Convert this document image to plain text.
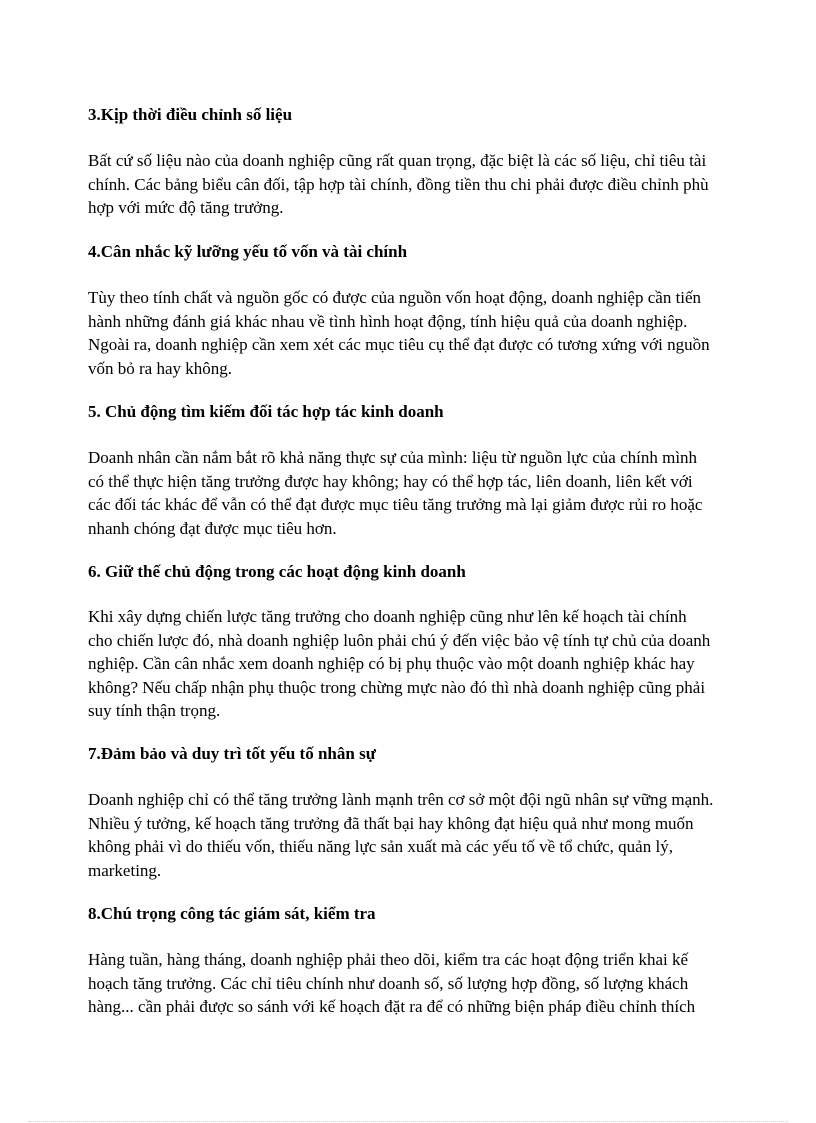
3.Kịp thời điều chỉnh số liệu

Bất cứ số liệu nào của doanh nghiệp cũng rất quan trọng, đặc biệt là các số liệu, chỉ tiêu tài
chính. Các bảng biểu cân đối, tập hợp tài chính, đồng tiền thu chi phải được điều chỉnh phù
hợp với mức độ tăng trưởng.

4.Cân nhắc kỹ lưỡng yếu tố vốn và tài chính

Tùy theo tính chất và nguồn gốc có được của nguồn vốn hoạt động, doanh nghiệp cần tiến
hành những đánh giá khác nhau về tình hình hoạt động, tính hiệu quả của doanh nghiệp.
Ngoài ra, doanh nghiệp cần xem xét các mục tiêu cụ thể đạt được có tương xứng với nguồn
vốn bỏ ra hay không.

5. Chủ động tìm kiếm đối tác hợp tác kinh doanh

Doanh nhân cần nắm bắt rõ khả năng thực sự của mình: liệu từ nguồn lực của chính mình
có thể thực hiện tăng trưởng được hay không; hay có thể hợp tác, liên doanh, liên kết với
các đối tác khác để vẫn có thể đạt được mục tiêu tăng trưởng mà lại giảm được rủi ro hoặc
nhanh chóng đạt được mục tiêu hơn.

6. Giữ thế chủ động trong các hoạt động kinh doanh

Khi xây dựng chiến lược tăng trưởng cho doanh nghiệp cũng như lên kế hoạch tài chính
cho chiến lược đó, nhà doanh nghiệp luôn phải chú ý đến việc bảo vệ tính tự chủ của doanh
nghiệp. Cần cân nhắc xem doanh nghiệp có bị phụ thuộc vào một doanh nghiệp khác hay
không? Nếu chấp nhận phụ thuộc trong chừng mực nào đó thì nhà doanh nghiệp cũng phải
suy tính thận trọng.

7.Đảm bảo và duy trì tốt yếu tố nhân sự

Doanh nghiệp chỉ có thể tăng trưởng lành mạnh trên cơ sở một đội ngũ nhân sự vững mạnh.
Nhiều ý tưởng, kế hoạch tăng trưởng đã thất bại hay không đạt hiệu quả như mong muốn
không phải vì do thiếu vốn, thiếu năng lực sản xuất mà các yếu tố về tổ chức, quản lý,
marketing.

8.Chú trọng công tác giám sát, kiểm tra

Hàng tuần, hàng tháng, doanh nghiệp phải theo dõi, kiểm tra các hoạt động triển khai kế
hoạch tăng trưởng. Các chỉ tiêu chính như doanh số, số lượng hợp đồng, số lượng khách
hàng... cần phải được so sánh với kế hoạch đặt ra để có những biện pháp điều chỉnh thích
